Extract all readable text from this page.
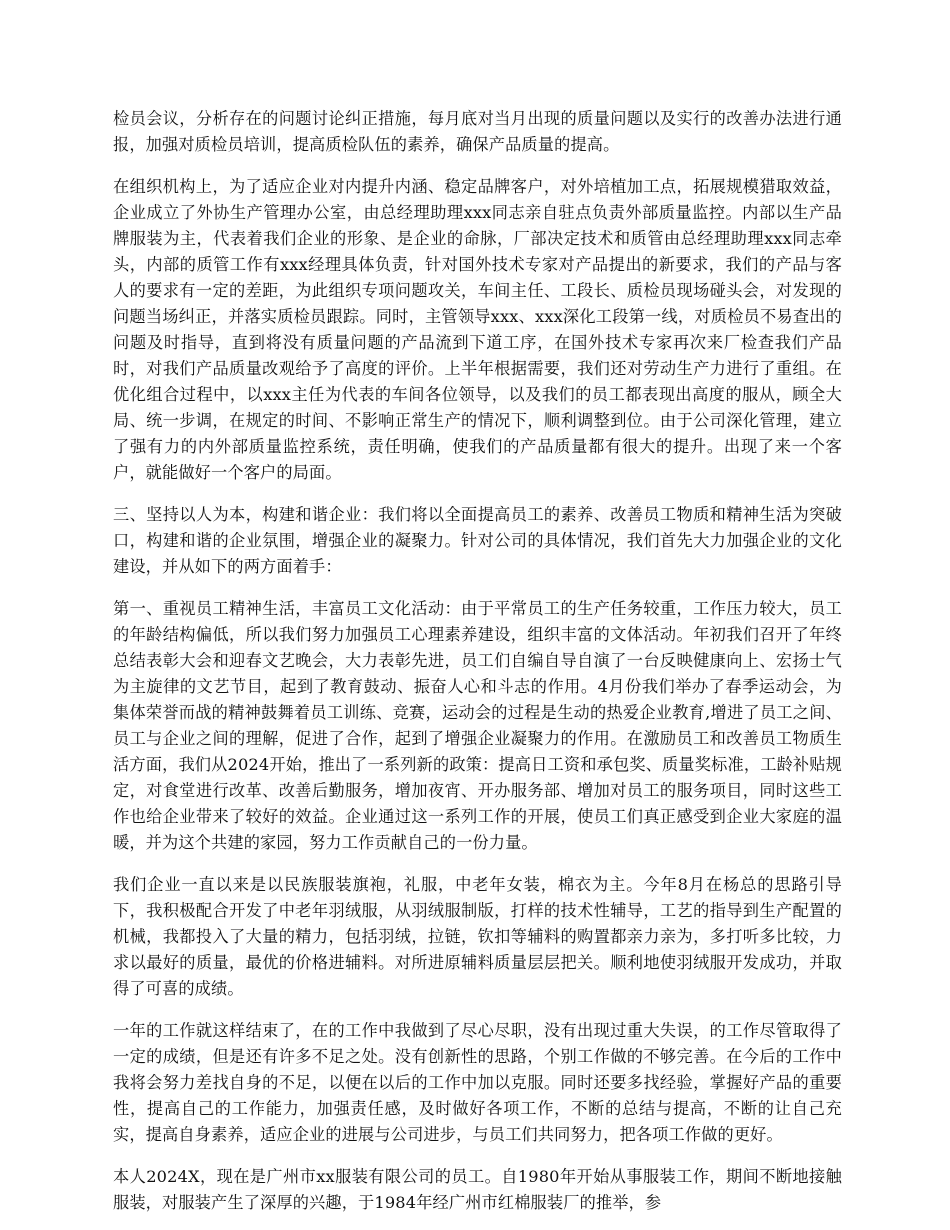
检员会议，分析存在的问题讨论纠正措施，每月底对当月出现的质量问题以及实行的改善办法进行通报，加强对质检员培训，提高质检队伍的素养，确保产品质量的提高。

在组织机构上，为了适应企业对内提升内涵、稳定品牌客户，对外培植加工点，拓展规模猎取效益，企业成立了外协生产管理办公室，由总经理助理xxx同志亲自驻点负责外部质量监控。内部以生产品牌服装为主，代表着我们企业的形象、是企业的命脉，厂部决定技术和质管由总经理助理xxx同志牵头，内部的质管工作有xxx经理具体负责，针对国外技术专家对产品提出的新要求，我们的产品与客人的要求有一定的差距，为此组织专项问题攻关，车间主任、工段长、质检员现场碰头会，对发现的问题当场纠正，并落实质检员跟踪。同时，主管领导xxx、xxx深化工段第一线，对质检员不易查出的问题及时指导，直到将没有质量问题的产品流到下道工序，在国外技术专家再次来厂检查我们产品时，对我们产品质量改观给予了高度的评价。上半年根据需要，我们还对劳动生产力进行了重组。在优化组合过程中，以xxx主任为代表的车间各位领导，以及我们的员工都表现出高度的服从，顾全大局、统一步调，在规定的时间、不影响正常生产的情况下，顺利调整到位。由于公司深化管理，建立了强有力的内外部质量监控系统，责任明确，使我们的产品质量都有很大的提升。出现了来一个客户，就能做好一个客户的局面。

三、坚持以人为本，构建和谐企业：我们将以全面提高员工的素养、改善员工物质和精神生活为突破口，构建和谐的企业氛围，增强企业的凝聚力。针对公司的具体情况，我们首先大力加强企业的文化建设，并从如下的两方面着手：

第一、重视员工精神生活，丰富员工文化活动：由于平常员工的生产任务较重，工作压力较大，员工的年龄结构偏低，所以我们努力加强员工心理素养建设，组织丰富的文体活动。年初我们召开了年终总结表彰大会和迎春文艺晚会，大力表彰先进，员工们自编自导自演了一台反映健康向上、宏扬士气为主旋律的文艺节目，起到了教育鼓动、振奋人心和斗志的作用。4月份我们举办了春季运动会，为集体荣誉而战的精神鼓舞着员工训练、竞赛，运动会的过程是生动的热爱企业教育,增进了员工之间、员工与企业之间的理解，促进了合作，起到了增强企业凝聚力的作用。在激励员工和改善员工物质生活方面，我们从2024开始，推出了一系列新的政策：提高日工资和承包奖、质量奖标准，工龄补贴规定，对食堂进行改革、改善后勤服务，增加夜宵、开办服务部、增加对员工的服务项目，同时这些工作也给企业带来了较好的效益。企业通过这一系列工作的开展，使员工们真正感受到企业大家庭的温暖，并为这个共建的家园，努力工作贡献自己的一份力量。

我们企业一直以来是以民族服装旗袍，礼服，中老年女装，棉衣为主。今年8月在杨总的思路引导下，我积极配合开发了中老年羽绒服，从羽绒服制版，打样的技术性辅导，工艺的指导到生产配置的机械，我都投入了大量的精力，包括羽绒，拉链，钦扣等辅料的购置都亲力亲为，多打听多比较，力求以最好的质量，最优的价格进辅料。对所进原辅料质量层层把关。顺利地使羽绒服开发成功，并取得了可喜的成绩。

一年的工作就这样结束了，在的工作中我做到了尽心尽职，没有出现过重大失误，的工作尽管取得了一定的成绩，但是还有许多不足之处。没有创新性的思路，个别工作做的不够完善。在今后的工作中我将会努力差找自身的不足，以便在以后的工作中加以克服。同时还要多找经验，掌握好产品的重要性，提高自己的工作能力，加强责任感，及时做好各项工作，不断的总结与提高，不断的让自己充实，提高自身素养，适应企业的进展与公司进步，与员工们共同努力，把各项工作做的更好。

本人2024X，现在是广州市xx服装有限公司的员工。自1980年开始从事服装工作，期间不断地接触服装，对服装产生了深厚的兴趣，于1984年经广州市红棉服装厂的推举，参
